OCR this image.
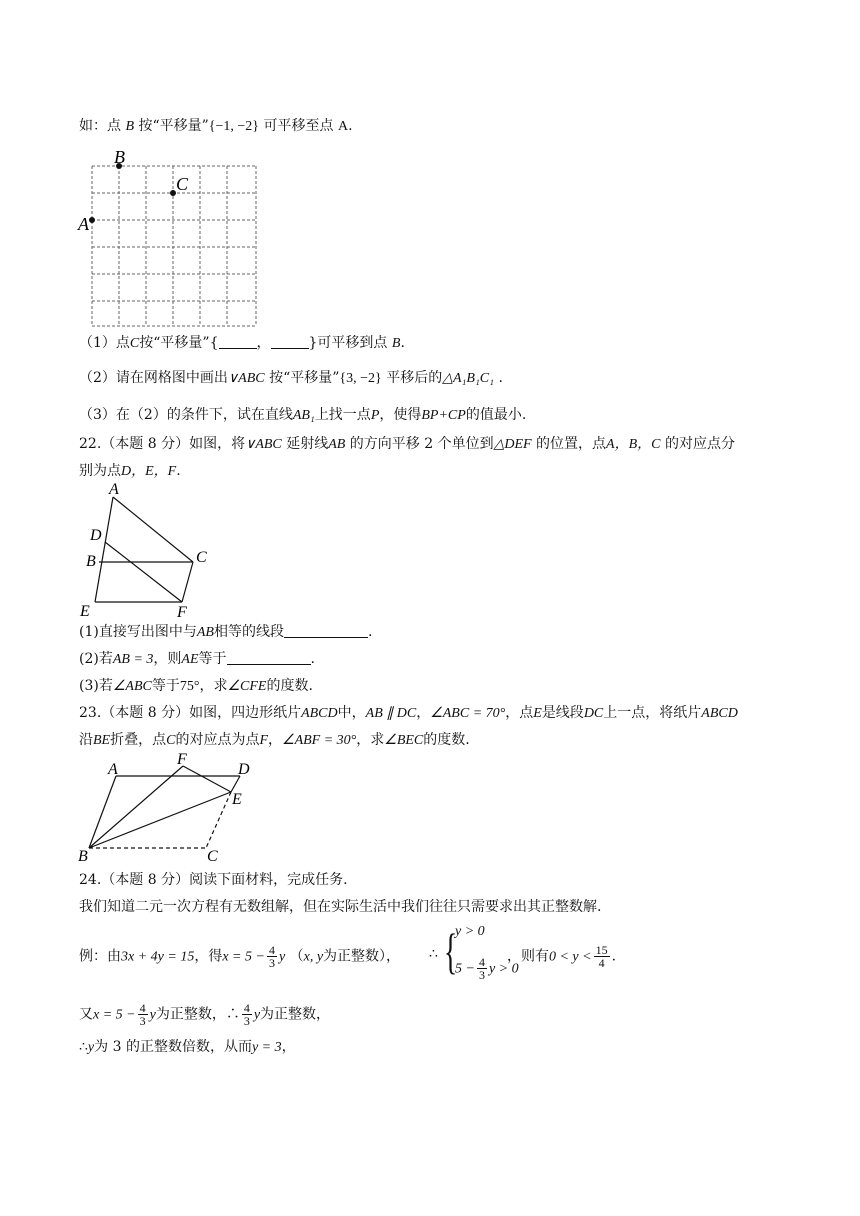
如：点 B 按“平移量”{−1, −2} 可平移至点 A.
B
C
A
（1）点C按“平移量”{	，	}可平移到点 B.
（2）请在网格图中画出∨ABC 按“平移量”{3, −2} 平移后的△A₁B₁C₁ .
（3）在（2）的条件下，试在直线AB₁上找一点P，使得BP+CP的值最小.
22.（本题 8 分）如图，将∨ABC 延射线AB 的方向平移 2 个单位到△DEF 的位置，点A，B，C 的对应点分
别为点D，E，F.
A
D
B	C
E	F
(1)直接写出图中与AB相等的线段	.
(2)若AB = 3，则AE等于	.
(3)若∠ABC等于75°，求∠CFE的度数.
23.（本题 8 分）如图，四边形纸片ABCD中，AB ∥ DC，∠ABC = 70°，点E是线段DC上一点，将纸片ABCD
沿BE折叠，点C的对应点为点F，∠ABF = 30°，求∠BEC的度数.
A
F
D
E
B	C
24.（本题 8 分）阅读下面材料，完成任务.
我们知道二元一次方程有无数组解，但在实际生活中我们往往只需要求出其正整数解.
例：由3x + 4y = 15，得$x = 5 - \frac{4}{3}$ y （x, y为正整数），	，则有$0 < y < \frac{15}{4}$ .
∴ {
y > 0
$5 - \frac{4}{3}$ y > 0
又$x = 5 - \frac{4}{3}$ y为正整数，∴ $\frac{4}{3}$ y为正整数，
∴y为 3 的正整数倍数，从而y = 3，
